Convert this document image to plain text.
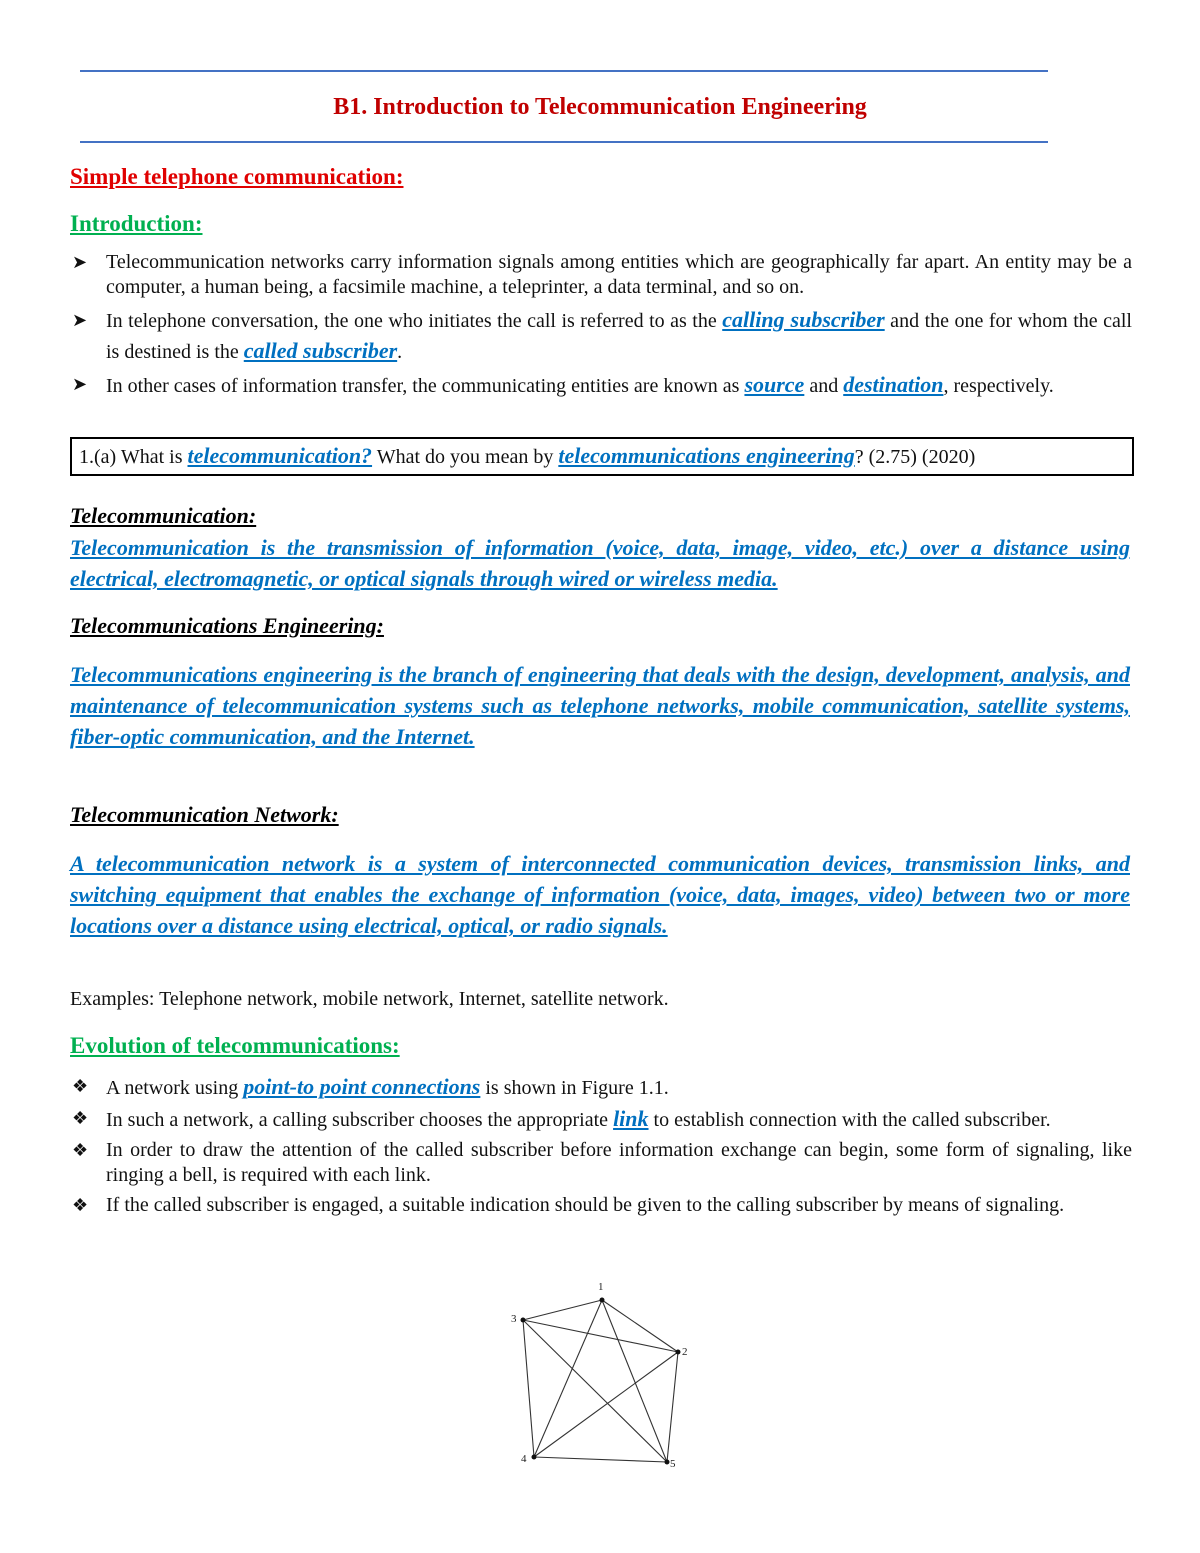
B1. Introduction to Telecommunication Engineering
Simple telephone communication:
Introduction:
➤ Telecommunication networks carry information signals among entities which are geographically far apart. An entity may be a computer, a human being, a facsimile machine, a teleprinter, a data terminal, and so on.
➤ In telephone conversation, the one who initiates the call is referred to as the calling subscriber and the one for whom the call is destined is the called subscriber.
➤ In other cases of information transfer, the communicating entities are known as source and destination, respectively.
1.(a) What is telecommunication? What do you mean by telecommunications engineering? (2.75) (2020)
Telecommunication:
Telecommunication is the transmission of information (voice, data, image, video, etc.) over a distance using electrical, electromagnetic, or optical signals through wired or wireless media.
Telecommunications Engineering:
Telecommunications engineering is the branch of engineering that deals with the design, development, analysis, and maintenance of telecommunication systems such as telephone networks, mobile communication, satellite systems, fiber-optic communication, and the Internet.
Telecommunication Network:
A telecommunication network is a system of interconnected communication devices, transmission links, and switching equipment that enables the exchange of information (voice, data, images, video) between two or more locations over a distance using electrical, optical, or radio signals.
Examples: Telephone network, mobile network, Internet, satellite network.
Evolution of telecommunications:
❖ A network using point-to point connections is shown in Figure 1.1.
❖ In such a network, a calling subscriber chooses the appropriate link to establish connection with the called subscriber.
❖ In order to draw the attention of the called subscriber before information exchange can begin, some form of signaling, like ringing a bell, is required with each link.
❖ If the called subscriber is engaged, a suitable indication should be given to the calling subscriber by means of signaling.
1
2
3
4	5
